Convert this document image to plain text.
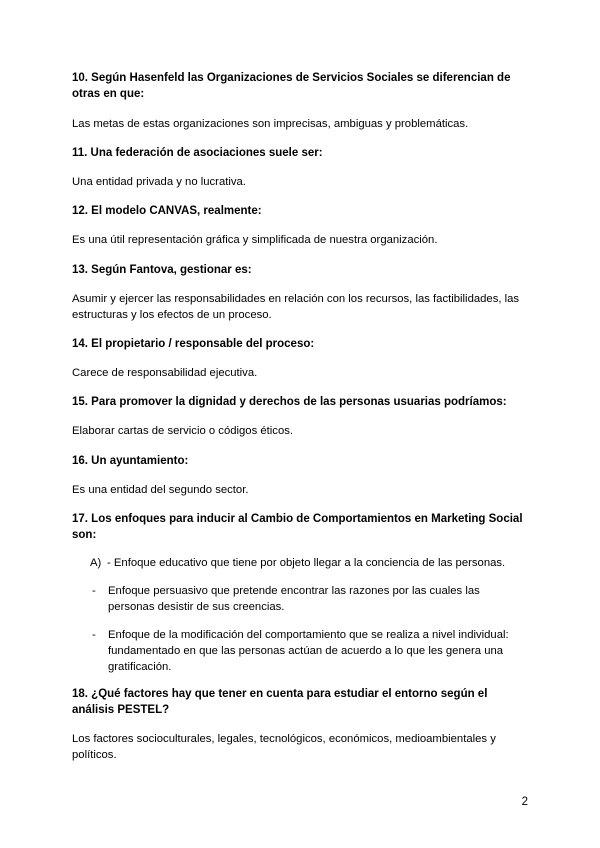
10. Según Hasenfeld las Organizaciones de Servicios Sociales se diferencian de otras en que:

Las metas de estas organizaciones son imprecisas, ambiguas y problemáticas.

11. Una federación de asociaciones suele ser:

Una entidad privada y no lucrativa.

12. El modelo CANVAS, realmente:

Es una útil representación gráfica y simplificada de nuestra organización.

13. Según Fantova, gestionar es:

Asumir y ejercer las responsabilidades en relación con los recursos, las factibilidades, las estructuras y los efectos de un proceso.

14. El propietario / responsable del proceso:

Carece de responsabilidad ejecutiva.

15. Para promover la dignidad y derechos de las personas usuarias podríamos:

Elaborar cartas de servicio o códigos éticos.

16. Un ayuntamiento:

Es una entidad del segundo sector.

17. Los enfoques para inducir al Cambio de Comportamientos en Marketing Social son:

A) - Enfoque educativo que tiene por objeto llegar a la conciencia de las personas.
- Enfoque persuasivo que pretende encontrar las razones por las cuales las personas desistir de sus creencias.
- Enfoque de la modificación del comportamiento que se realiza a nivel individual: fundamentado en que las personas actúan de acuerdo a lo que les genera una gratificación.

18. ¿Qué factores hay que tener en cuenta para estudiar el entorno según el análisis PESTEL?

Los factores socioculturales, legales, tecnológicos, económicos, medioambientales y políticos.

2
